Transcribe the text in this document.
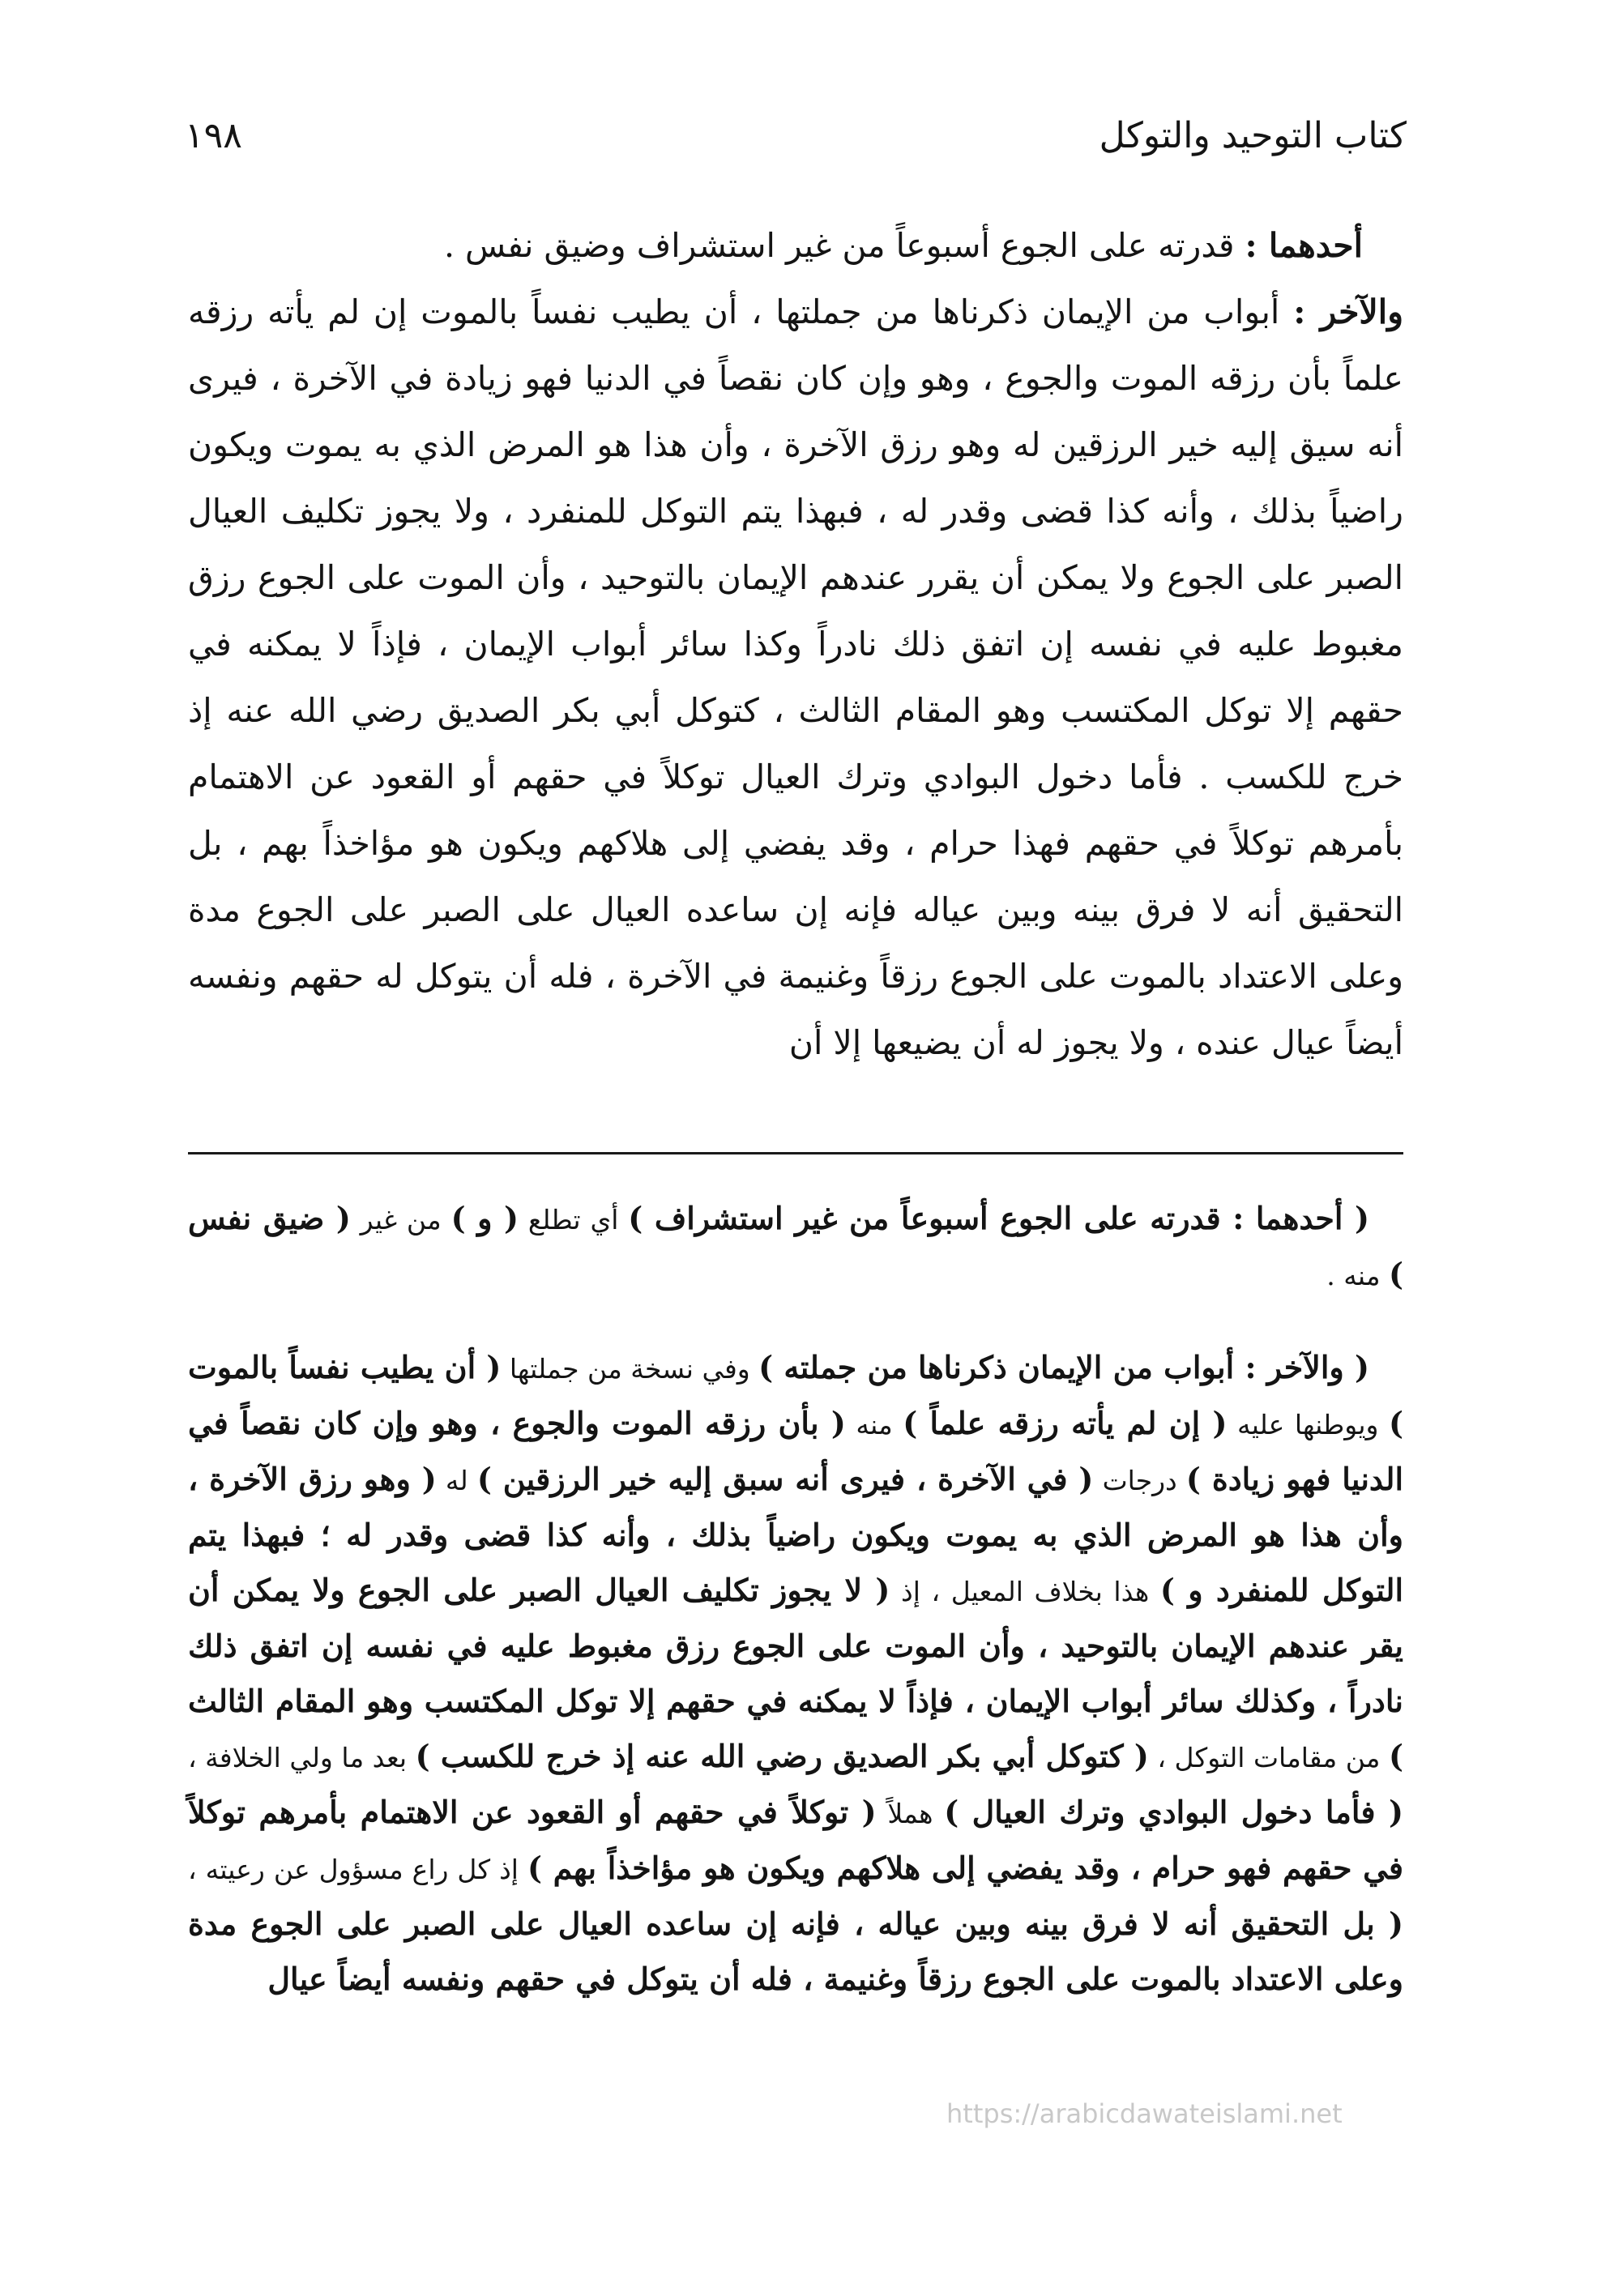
كتاب التوحيد والتوكل
١٩٨

أحدهما : قدرته على الجوع أسبوعاً من غير استشراف وضيق نفس .

والآخر : أبواب من الإيمان ذكرناها من جملتها ، أن يطيب نفساً بالموت إن لم يأته رزقه علماً بأن رزقه الموت والجوع ، وهو وإن كان نقصاً في الدنيا فهو زيادة في الآخرة ، فيرى أنه سيق إليه خير الرزقين له وهو رزق الآخرة ، وأن هذا هو المرض الذي به يموت ويكون راضياً بذلك ، وأنه كذا قضى وقدر له ، فبهذا يتم التوكل للمنفرد ، ولا يجوز تكليف العيال الصبر على الجوع ولا يمكن أن يقرر عندهم الإيمان بالتوحيد ، وأن الموت على الجوع رزق مغبوط عليه في نفسه إن اتفق ذلك نادراً وكذا سائر أبواب الإيمان ، فإذاً لا يمكنه في حقهم إلا توكل المكتسب وهو المقام الثالث ، كتوكل أبي بكر الصديق رضي الله عنه إذ خرج للكسب . فأما دخول البوادي وترك العيال توكلاً في حقهم أو القعود عن الاهتمام بأمرهم توكلاً في حقهم فهذا حرام ، وقد يفضي إلى هلاكهم ويكون هو مؤاخذاً بهم ، بل التحقيق أنه لا فرق بينه وبين عياله فإنه إن ساعده العيال على الصبر على الجوع مدة وعلى الاعتداد بالموت على الجوع رزقاً وغنيمة في الآخرة ، فله أن يتوكل له حقهم ونفسه أيضاً عيال عنده ، ولا يجوز له أن يضيعها إلا أن

( أحدهما : قدرته على الجوع أسبوعاً من غير استشراف ) أي تطلع ( و ) من غير ( ضيق نفس ) منه .

( والآخر : أبواب من الإيمان ذكرناها من جملته ) وفي نسخة من جملتها ( أن يطيب نفساً بالموت ) ويوطنها عليه ( إن لم يأته رزقه علماً ) منه ( بأن رزقه الموت والجوع ، وهو وإن كان نقصاً في الدنيا فهو زيادة ) درجات ( في الآخرة ، فيرى أنه سبق إليه خير الرزقين ) له ( وهو رزق الآخرة ، وأن هذا هو المرض الذي به يموت ويكون راضياً بذلك ، وأنه كذا قضى وقدر له ؛ فبهذا يتم التوكل للمنفرد و ) هذا بخلاف المعيل ، إذ ( لا يجوز تكليف العيال الصبر على الجوع ولا يمكن أن يقر عندهم الإيمان بالتوحيد ، وأن الموت على الجوع رزق مغبوط عليه في نفسه إن اتفق ذلك نادراً ، وكذلك سائر أبواب الإيمان ، فإذاً لا يمكنه في حقهم إلا توكل المكتسب وهو المقام الثالث ) من مقامات التوكل ، ( كتوكل أبي بكر الصديق رضي الله عنه إذ خرج للكسب ) بعد ما ولي الخلافة ، ( فأما دخول البوادي وترك العيال ) هملاً ( توكلاً في حقهم أو القعود عن الاهتمام بأمرهم توكلاً في حقهم فهو حرام ، وقد يفضي إلى هلاكهم ويكون هو مؤاخذاً بهم ) إذ كل راع مسؤول عن رعيته ، ( بل التحقيق أنه لا فرق بينه وبين عياله ، فإنه إن ساعده العيال على الصبر على الجوع مدة وعلى الاعتداد بالموت على الجوع رزقاً وغنيمة ، فله أن يتوكل في حقهم ونفسه أيضاً عيال

https://arabicdawateislami.net
